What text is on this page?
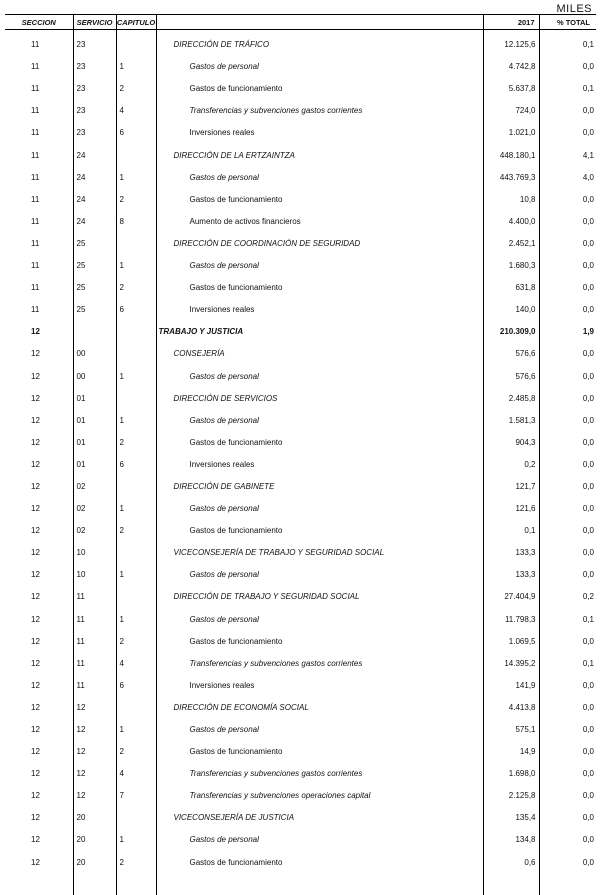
MILES
SECCION	SERVICIO	CAPITULO		2017	% TOTAL
11	23		DIRECCIÓN DE TRÁFICO	12.125,6	0,1
11	23	1	Gastos de personal	4.742,8	0,0
11	23	2	Gastos de funcionamiento	5.637,8	0,1
11	23	4	Transferencias y subvenciones gastos corrientes	724,0	0,0
11	23	6	Inversiones reales	1.021,0	0,0
11	24		DIRECCIÓN DE LA ERTZAINTZA	448.180,1	4,1
11	24	1	Gastos de personal	443.769,3	4,0
11	24	2	Gastos de funcionamiento	10,8	0,0
11	24	8	Aumento de activos financieros	4.400,0	0,0
11	25		DIRECCIÓN DE COORDINACIÓN DE SEGURIDAD	2.452,1	0,0
11	25	1	Gastos de personal	1.680,3	0,0
11	25	2	Gastos de funcionamiento	631,8	0,0
11	25	6	Inversiones reales	140,0	0,0
12			TRABAJO Y JUSTICIA	210.309,0	1,9
12	00		CONSEJERÍA	576,6	0,0
12	00	1	Gastos de personal	576,6	0,0
12	01		DIRECCIÓN DE SERVICIOS	2.485,8	0,0
12	01	1	Gastos de personal	1.581,3	0,0
12	01	2	Gastos de funcionamiento	904,3	0,0
12	01	6	Inversiones reales	0,2	0,0
12	02		DIRECCIÓN DE GABINETE	121,7	0,0
12	02	1	Gastos de personal	121,6	0,0
12	02	2	Gastos de funcionamiento	0,1	0,0
12	10		VICECONSEJERÍA DE TRABAJO Y SEGURIDAD SOCIAL	133,3	0,0
12	10	1	Gastos de personal	133,3	0,0
12	11		DIRECCIÓN DE TRABAJO Y SEGURIDAD SOCIAL	27.404,9	0,2
12	11	1	Gastos de personal	11.798,3	0,1
12	11	2	Gastos de funcionamiento	1.069,5	0,0
12	11	4	Transferencias y subvenciones gastos corrientes	14.395,2	0,1
12	11	6	Inversiones reales	141,9	0,0
12	12		DIRECCIÓN DE ECONOMÍA SOCIAL	4.413,8	0,0
12	12	1	Gastos de personal	575,1	0,0
12	12	2	Gastos de funcionamiento	14,9	0,0
12	12	4	Transferencias y subvenciones gastos corrientes	1.698,0	0,0
12	12	7	Transferencias y subvenciones operaciones capital	2.125,8	0,0
12	20		VICECONSEJERÍA DE JUSTICIA	135,4	0,0
12	20	1	Gastos de personal	134,8	0,0
12	20	2	Gastos de funcionamiento	0,6	0,0
